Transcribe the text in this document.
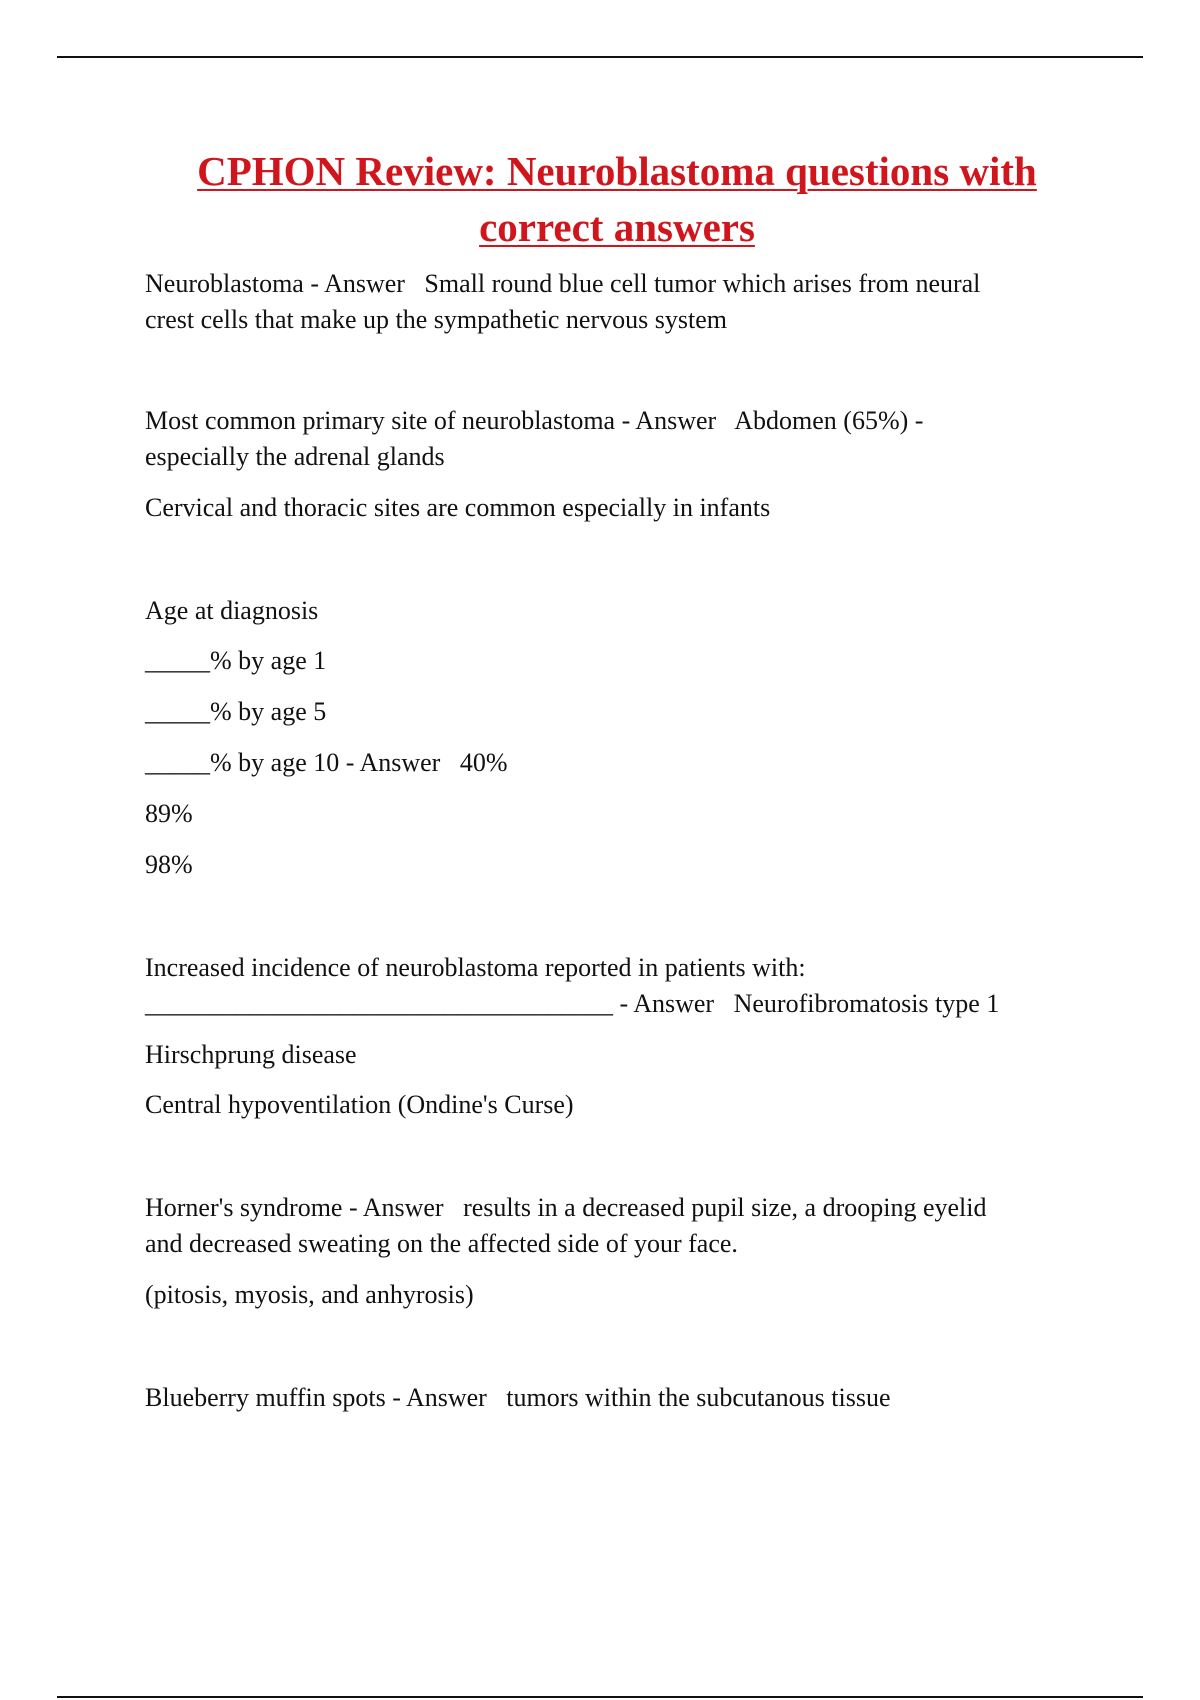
CPHON Review: Neuroblastoma questions with
correct answers

Neuroblastoma - Answer   Small round blue cell tumor which arises from neural

crest cells that make up the sympathetic nervous system

Most common primary site of neuroblastoma - Answer   Abdomen (65%) -

especially the adrenal glands

Cervical and thoracic sites are common especially in infants

Age at diagnosis

_____% by age 1

_____% by age 5

_____% by age 10 - Answer   40%

89%

98%

Increased incidence of neuroblastoma reported in patients with:

____________________________________ - Answer   Neurofibromatosis type 1

Hirschprung disease

Central hypoventilation (Ondine's Curse)

Horner's syndrome - Answer   results in a decreased pupil size, a drooping eyelid

and decreased sweating on the affected side of your face.

(pitosis, myosis, and anhyrosis)

Blueberry muffin spots - Answer   tumors within the subcutanous tissue
